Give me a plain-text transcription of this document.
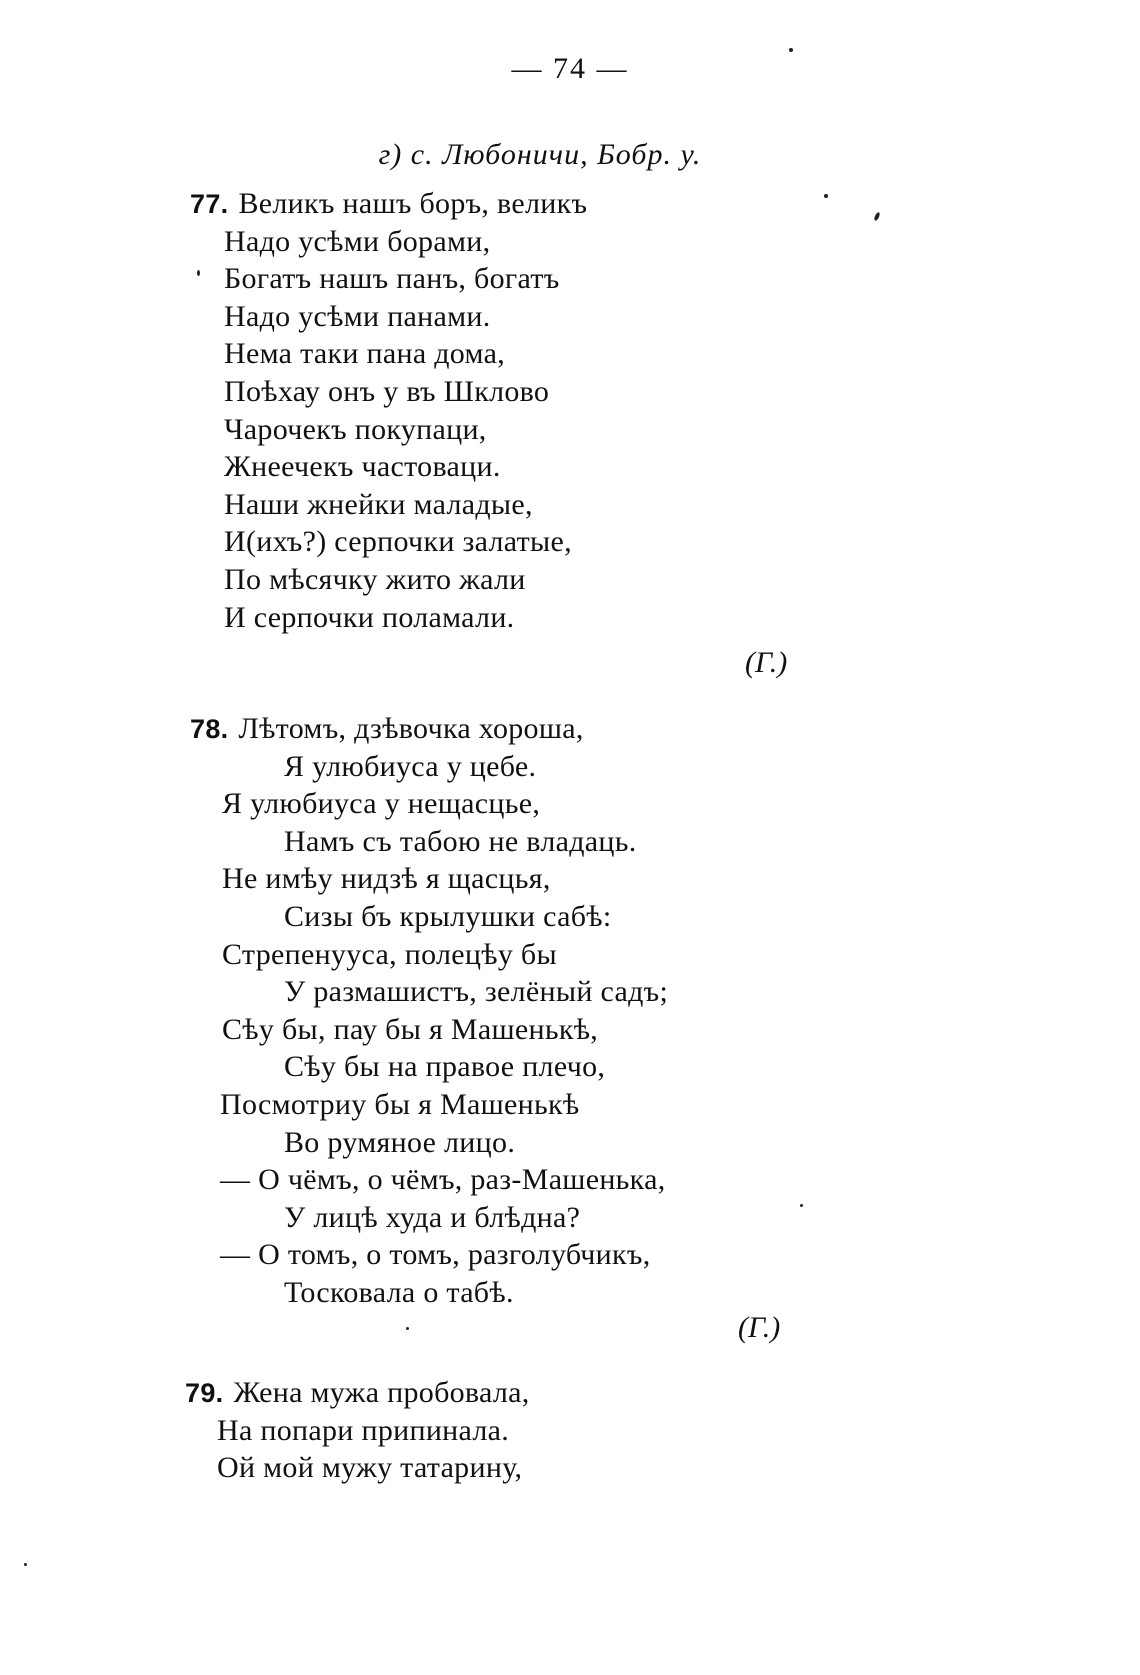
— 74 —
г) с. Любоничи, Бобр. у.
77. Великъ нашъ боръ, великъ
Надо усѣми борами,
Богатъ нашъ панъ, богатъ
Надо усѣми панами.
Нема таки пана дома,
Поѣхау онъ у въ Шклово
Чарочекъ покупаци,
Жнеечекъ частоваци.
Наши жнейки маладые,
И(ихъ?) серпочки залатые,
По мѣсячку жито жали
И серпочки поламали.
(Г.)
78. Лѣтомъ, дзѣвочка хороша,
Я улюбиуса у цебе.
Я улюбиуса у нещасцье,
Намъ съ табою не владаць.
Не имѣу нидзѣ я щасцья,
Сизы бъ крылушки сабѣ:
Стрепенууса, полецѣу бы
У размашистъ, зелёный садъ;
Сѣу бы, пау бы я Машенькѣ,
Сѣу бы на правое плечо,
Посмотриу бы я Машенькѣ
Во румяное лицо.
— О чёмъ, о чёмъ, раз-Машенька,
У лицѣ худа и блѣдна?
— О томъ, о томъ, разголубчикъ,
Тосковала о табѣ.
(Г.)
79. Жена мужа пробовала,
На попари припинала.
Ой мой мужу татарину,
